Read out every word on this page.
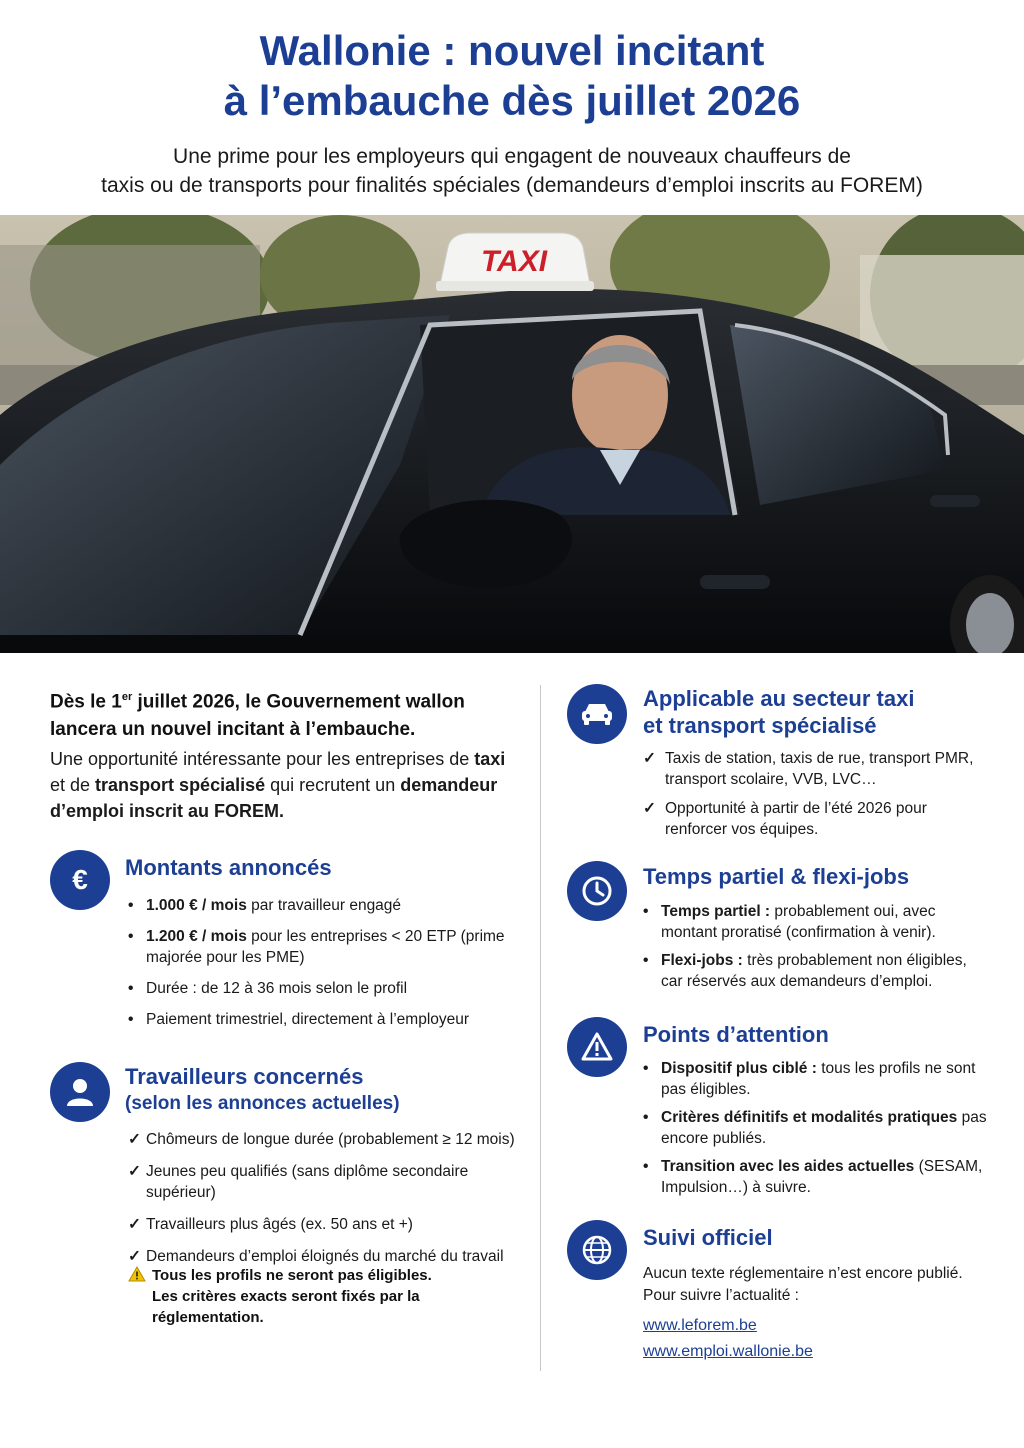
Wallonie : nouvel incitant
à l’embauche dès juillet 2026
Une prime pour les employeurs qui engagent de nouveaux chauffeurs de
taxis ou de transports pour finalités spéciales (demandeurs d’emploi inscrits au FOREM)
TAXI
Dès le 1er juillet 2026, le Gouvernement wallon lancera un nouvel incitant à l’embauche.
Une opportunité intéressante pour les entreprises de taxi et de transport spécialisé qui recrutent un demandeur d’emploi inscrit au FOREM.
€ Montants annoncés
• 1.000 € / mois par travailleur engagé
• 1.200 € / mois pour les entreprises < 20 ETP (prime majorée pour les PME)
• Durée : de 12 à 36 mois selon le profil
• Paiement trimestriel, directement à l’employeur
Travailleurs concernés
(selon les annonces actuelles)
✓ Chômeurs de longue durée (probablement ≥ 12 mois)
✓ Jeunes peu qualifiés (sans diplôme secondaire supérieur)
✓ Travailleurs plus âgés (ex. 50 ans et +)
✓ Demandeurs d’emploi éloignés du marché du travail
Tous les profils ne seront pas éligibles.
Les critères exacts seront fixés par la réglementation.
Applicable au secteur taxi
et transport spécialisé
✓ Taxis de station, taxis de rue, transport PMR, transport scolaire, VVB, LVC…
✓ Opportunité à partir de l’été 2026 pour renforcer vos équipes.
Temps partiel & flexi-jobs
• Temps partiel : probablement oui, avec montant proratisé (confirmation à venir).
• Flexi-jobs : très probablement non éligibles, car réservés aux demandeurs d’emploi.
Points d’attention
• Dispositif plus ciblé : tous les profils ne sont pas éligibles.
• Critères définitifs et modalités pratiques pas encore publiés.
• Transition avec les aides actuelles (SESAM, Impulsion…) à suivre.
Suivi officiel
Aucun texte réglementaire n’est encore publié.
Pour suivre l’actualité :
www.leforem.be
www.emploi.wallonie.be
